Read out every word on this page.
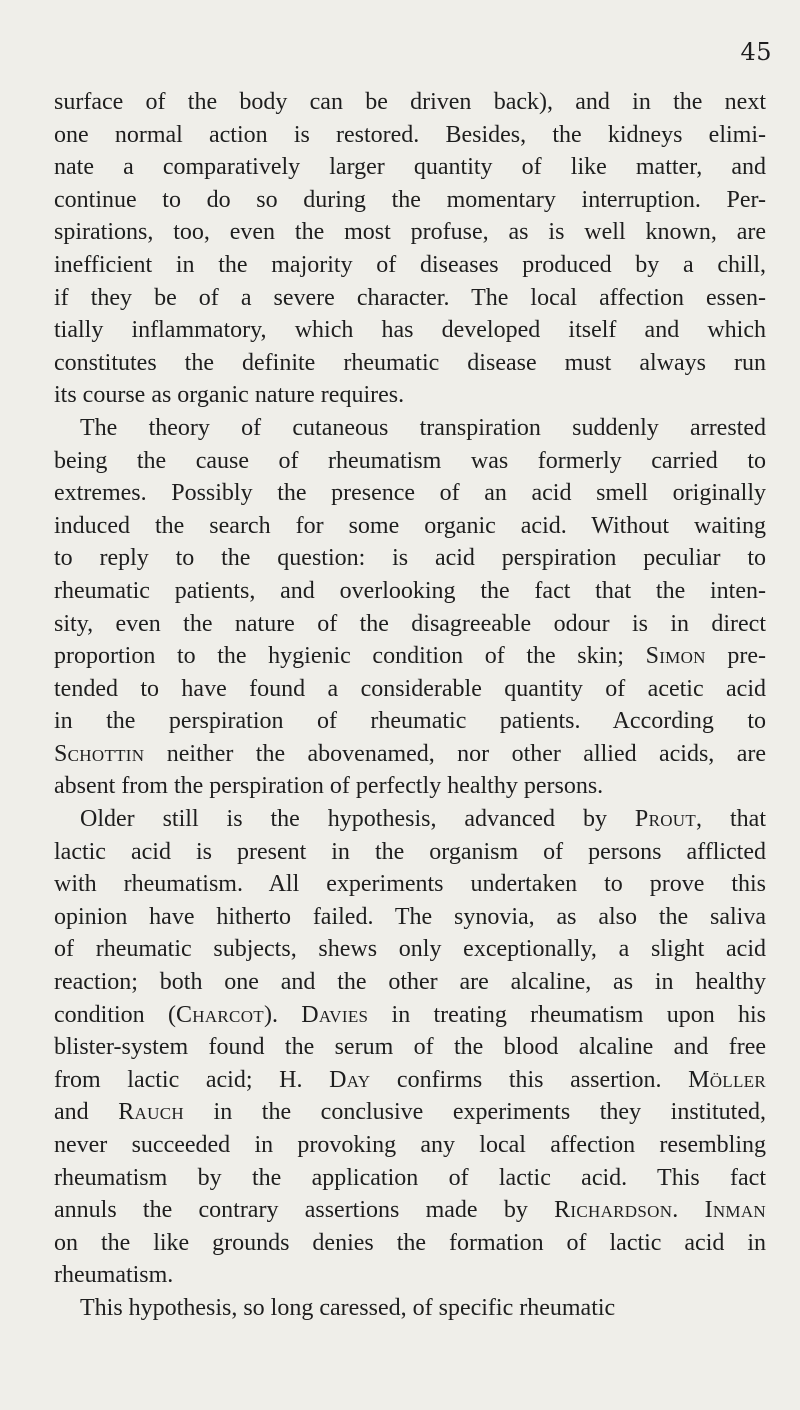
45
surface of the body can be driven back), and in the next
one normal action is restored. Besides, the kidneys elimi-
nate a comparatively larger quantity of like matter, and
continue to do so during the momentary interruption. Per-
spirations, too, even the most profuse, as is well known, are
inefficient in the majority of diseases produced by a chill,
if they be of a severe character. The local affection essen-
tially inflammatory, which has developed itself and which
constitutes the definite rheumatic disease must always run
its course as organic nature requires.
The theory of cutaneous transpiration suddenly arrested
being the cause of rheumatism was formerly carried to
extremes. Possibly the presence of an acid smell originally
induced the search for some organic acid. Without waiting
to reply to the question: is acid perspiration peculiar to
rheumatic patients, and overlooking the fact that the inten-
sity, even the nature of the disagreeable odour is in direct
proportion to the hygienic condition of the skin; Simon pre-
tended to have found a considerable quantity of acetic acid
in the perspiration of rheumatic patients. According to
Schottin neither the abovenamed, nor other allied acids, are
absent from the perspiration of perfectly healthy persons.
Older still is the hypothesis, advanced by Prout, that
lactic acid is present in the organism of persons afflicted
with rheumatism. All experiments undertaken to prove this
opinion have hitherto failed. The synovia, as also the saliva
of rheumatic subjects, shews only exceptionally, a slight acid
reaction; both one and the other are alcaline, as in healthy
condition (Charcot). Davies in treating rheumatism upon his
blister-system found the serum of the blood alcaline and free
from lactic acid; H. Day confirms this assertion. Möller
and Rauch in the conclusive experiments they instituted,
never succeeded in provoking any local affection resembling
rheumatism by the application of lactic acid. This fact
annuls the contrary assertions made by Richardson. Inman
on the like grounds denies the formation of lactic acid in
rheumatism.
This hypothesis, so long caressed, of specific rheumatic
